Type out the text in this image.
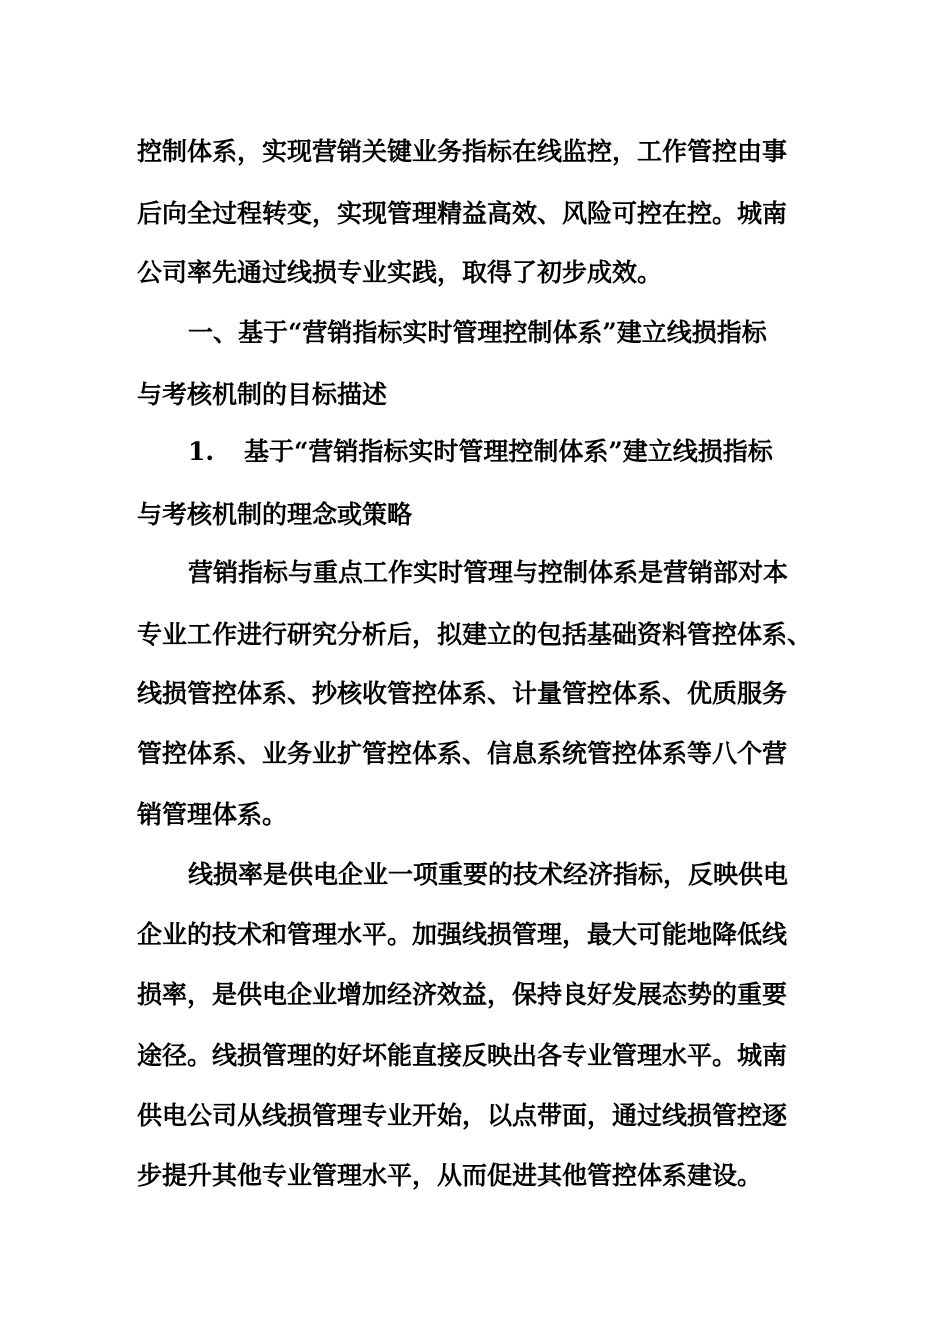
控制体系，实现营销关键业务指标在线监控，工作管控由事
后向全过程转变，实现管理精益高效、风险可控在控。城南
公司率先通过线损专业实践，取得了初步成效。
一、基于“营销指标实时管理控制体系”建立线损指标
与考核机制的目标描述
1. 基于“营销指标实时管理控制体系”建立线损指标
与考核机制的理念或策略
营销指标与重点工作实时管理与控制体系是营销部对本
专业工作进行研究分析后，拟建立的包括基础资料管控体系、
线损管控体系、抄核收管控体系、计量管控体系、优质服务
管控体系、业务业扩管控体系、信息系统管控体系等八个营
销管理体系。
线损率是供电企业一项重要的技术经济指标，反映供电
企业的技术和管理水平。加强线损管理，最大可能地降低线
损率，是供电企业增加经济效益，保持良好发展态势的重要
途径。线损管理的好坏能直接反映出各专业管理水平。城南
供电公司从线损管理专业开始，以点带面，通过线损管控逐
步提升其他专业管理水平，从而促进其他管控体系建设。
